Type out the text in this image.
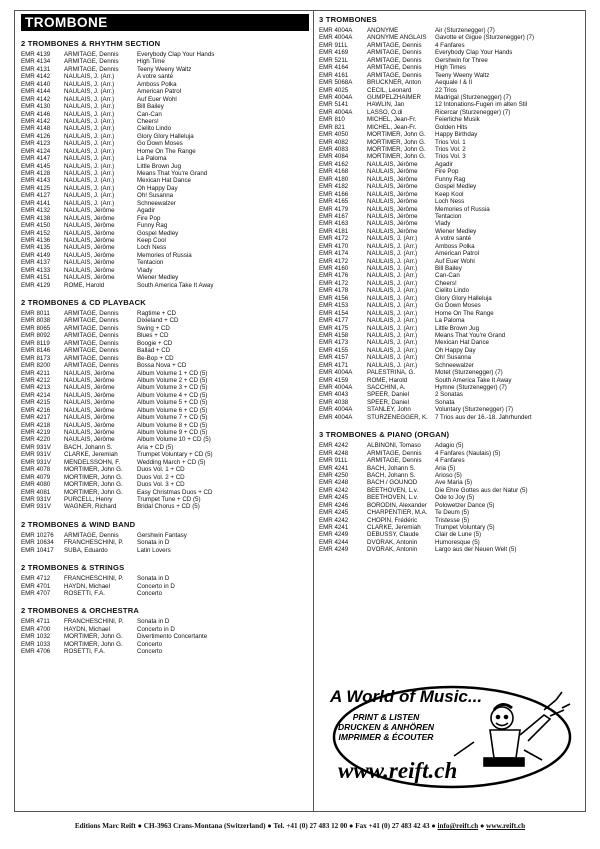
TROMBONE
2 TROMBONES & RHYTHM SECTION
EMR 4139	ARMITAGE, Dennis	Everybody Clap Your Hands
EMR 4134	ARMITAGE, Dennis	High Time
EMR 4131	ARMITAGE, Dennis	Teeny Weeny Waltz
EMR 4142	NAULAIS, J. (Arr.)	A votre santé
EMR 4140	NAULAIS, J. (Arr.)	Amboss Polka
EMR 4144	NAULAIS, J. (Arr.)	American Patrol
EMR 4142	NAULAIS, J. (Arr.)	Auf Euer Wohl
EMR 4130	NAULAIS, J. (Arr.)	Bill Bailey
EMR 4146	NAULAIS, J. (Arr.)	Can-Can
EMR 4142	NAULAIS, J. (Arr.)	Cheers!
EMR 4148	NAULAIS, J. (Arr.)	Cielito Lindo
EMR 4126	NAULAIS, J. (Arr.)	Glory Glory Halleluja
EMR 4123	NAULAIS, J. (Arr.)	Go Down Moses
EMR 4124	NAULAIS, J. (Arr.)	Home On The Range
EMR 4147	NAULAIS, J. (Arr.)	La Paloma
EMR 4145	NAULAIS, J. (Arr.)	Little Brown Jug
EMR 4128	NAULAIS, J. (Arr.)	Means That You're Grand
EMR 4143	NAULAIS, J. (Arr.)	Mexican Hat Dance
EMR 4125	NAULAIS, J. (Arr.)	Oh Happy Day
EMR 4127	NAULAIS, J. (Arr.)	Oh! Susanna
EMR 4141	NAULAIS, J. (Arr.)	Schneewalzer
EMR 4132	NAULAIS, Jérôme	Agadir
EMR 4138	NAULAIS, Jérôme	Fire Pop
EMR 4150	NAULAIS, Jérôme	Funny Rag
EMR 4152	NAULAIS, Jérôme	Gospel Medley
EMR 4136	NAULAIS, Jérôme	Keep Cool
EMR 4135	NAULAIS, Jérôme	Loch Ness
EMR 4149	NAULAIS, Jérôme	Memories of Russia
EMR 4137	NAULAIS, Jérôme	Tentacion
EMR 4133	NAULAIS, Jérôme	Vlady
EMR 4151	NAULAIS, Jérôme	Wiener Medley
EMR 4129	ROME, Harold	South America Take It Away
2 TROMBONES & CD PLAYBACK
EMR 8011	ARMITAGE, Dennis	Ragtime + CD
EMR 8038	ARMITAGE, Dennis	Dixieland + CD
EMR 8065	ARMITAGE, Dennis	Swing + CD
EMR 8092	ARMITAGE, Dennis	Blues + CD
EMR 8119	ARMITAGE, Dennis	Boogie + CD
EMR 8146	ARMITAGE, Dennis	Ballad + CD
EMR 8173	ARMITAGE, Dennis	Be-Bop + CD
EMR 8200	ARMITAGE, Dennis	Bossa Nova + CD
EMR 4211	NAULAIS, Jérôme	Album Volume 1 + CD (5)
EMR 4212	NAULAIS, Jérôme	Album Volume 2 + CD (5)
EMR 4213	NAULAIS, Jérôme	Album Volume 3 + CD (5)
EMR 4214	NAULAIS, Jérôme	Album Volume 4 + CD (5)
EMR 4215	NAULAIS, Jérôme	Album Volume 5 + CD (5)
EMR 4216	NAULAIS, Jérôme	Album Volume 6 + CD (5)
EMR 4217	NAULAIS, Jérôme	Album Volume 7 + CD (5)
EMR 4218	NAULAIS, Jérôme	Album Volume 8 + CD (5)
EMR 4219	NAULAIS, Jérôme	Album Volume 9 + CD (5)
EMR 4220	NAULAIS, Jérôme	Album Volume 10 + CD (5)
EMR 931V	BACH, Johann S.	Aria + CD (5)
EMR 931V	CLARKE, Jeremiah	Trumpet Voluntary + CD (5)
EMR 931V	MENDELSSOHN, F.	Wedding March + CD (5)
EMR 4078	MORTIMER, John G.	Duos Vol. 1 + CD
EMR 4079	MORTIMER, John G.	Duos Vol. 2 + CD
EMR 4080	MORTIMER, John G.	Duos Vol. 3 + CD
EMR 4081	MORTIMER, John G.	Easy Christmas Duos + CD
EMR 931V	PURCELL, Henry	Trumpet Tune + CD (5)
EMR 931V	WAGNER, Richard	Bridal Chorus + CD (5)
2 TROMBONES & WIND BAND
EMR 10276	ARMITAGE, Dennis	Gershwin Fantasy
EMR 10634	FRANCHESCHINI, P.	Sonata in D
EMR 10417	SUBA, Eduardo	Latin Lovers
2 TROMBONES & STRINGS
EMR 4712	FRANCHESCHINI, P.	Sonata in D
EMR 4701	HAYDN, Michael	Concerto in D
EMR 4707	ROSETTI, F.A.	Concerto
2 TROMBONES & ORCHESTRA
EMR 4711	FRANCHESCHINI, P.	Sonata in D
EMR 4700	HAYDN, Michael	Concerto in D
EMR 1032	MORTIMER, John G.	Divertimento Concertante
EMR 1033	MORTIMER, John G.	Concerto
EMR 4706	ROSETTI, F.A.	Concerto
3 TROMBONES
EMR 4004A	ANONYME	Air (Sturzenegger) (7)
EMR 4004A	ANONYME ANGLAIS	Gavotte et Gigue (Sturzenegger) (7)
EMR 911L	ARMITAGE, Dennis	4 Fanfares
EMR 4169	ARMITAGE, Dennis	Everybody Clap Your Hands
EMR 521L	ARMITAGE, Dennis	Gershwin for Three
EMR 4164	ARMITAGE, Dennis	High Times
EMR 4161	ARMITAGE, Dennis	Teeny Weeny Waltz
EMR 5068A	BRUCKNER, Anton	Aequale I & II
EMR 4025	CECIL, Leonard	22 Trios
EMR 4004A	GUMPELZHAIMER	Madrigal (Sturzenegger) (7)
EMR 5141	HAWLIN, Jan	12 Intonations-Fugen im alten Stil
EMR 4004A	LASSO, O.di	Ricercar (Sturzenegger) (7)
EMR 810	MICHEL, Jean-Fr.	Feierliche Musik
EMR 821	MICHEL, Jean-Fr.	Golden Hits
EMR 4050	MORTIMER, John G.	Happy Birthday
EMR 4082	MORTIMER, John G.	Trios Vol. 1
EMR 4083	MORTIMER, John G.	Trios Vol. 2
EMR 4084	MORTIMER, John G.	Trios Vol. 3
EMR 4162	NAULAIS, Jérôme	Agadir
EMR 4168	NAULAIS, Jérôme	Fire Pop
EMR 4180	NAULAIS, Jérôme	Funny Rag
EMR 4182	NAULAIS, Jérôme	Gospel Medley
EMR 4166	NAULAIS, Jérôme	Keep Kool
EMR 4165	NAULAIS, Jérôme	Loch Ness
EMR 4179	NAULAIS, Jérôme	Memories of Russia
EMR 4167	NAULAIS, Jérôme	Tentacion
EMR 4163	NAULAIS, Jérôme	Vlady
EMR 4181	NAULAIS, Jérôme	Wiener Medley
EMR 4172	NAULAIS, J. (Arr.)	A votre santé
EMR 4170	NAULAIS, J. (Arr.)	Amboss Polka
EMR 4174	NAULAIS, J. (Arr.)	American Patrol
EMR 4172	NAULAIS, J. (Arr.)	Auf Euer Wohl
EMR 4160	NAULAIS, J. (Arr.)	Bill Bailey
EMR 4176	NAULAIS, J. (Arr.)	Can-Can
EMR 4172	NAULAIS, J. (Arr.)	Cheers!
EMR 4178	NAULAIS, J. (Arr.)	Cielito Lindo
EMR 4156	NAULAIS, J. (Arr.)	Glory Glory Halleluja
EMR 4153	NAULAIS, J. (Arr.)	Go Down Moses
EMR 4154	NAULAIS, J. (Arr.)	Home On The Range
EMR 4177	NAULAIS, J. (Arr.)	La Paloma
EMR 4175	NAULAIS, J. (Arr.)	Little Brown Jug
EMR 4158	NAULAIS, J. (Arr.)	Means That You're Grand
EMR 4173	NAULAIS, J. (Arr.)	Mexican Hat Dance
EMR 4155	NAULAIS, J. (Arr.)	Oh Happy Day
EMR 4157	NAULAIS, J. (Arr.)	Oh! Susanna
EMR 4171	NAULAIS, J. (Arr.)	Schneewalzer
EMR 4004A	PALESTRINA, G.	Motet (Sturzenegger) (7)
EMR 4159	ROME, Harold	South America Take It Away
EMR 4004A	SACCHINI, A.	Hymne (Sturzenegger) (7)
EMR 4043	SPEER, Daniel	2 Sonatas
EMR 4038	SPEER, Daniel	Sonata
EMR 4004A	STANLEY, John	Voluntary (Sturzenegger) (7)
EMR 4004A	STURZENEGGER, K.	7 Trios aus der 16.-18. Jahrhundert
3 TROMBONES & PIANO (ORGAN)
EMR 4242	ALBINONI, Tomaso	Adagio (5)
EMR 4248	ARMITAGE, Dennis	4 Fanfares (Naulais) (5)
EMR 911L	ARMITAGE, Dennis	4 Fanfares
EMR 4241	BACH, Johann S.	Aria (5)
EMR 4250	BACH, Johann S.	Arioso (5)
EMR 4248	BACH / GOUNOD	Ave Maria (5)
EMR 4242	BEETHOVEN, L.v.	Die Ehre Gottes aus der Natur (5)
EMR 4245	BEETHOVEN, L.v.	Ode to Joy (5)
EMR 4246	BORODIN, Alexander	Polowetzer Dance (5)
EMR 4245	CHARPENTIER, M.A.	Te Deum (5)
EMR 4242	CHOPIN, Frédéric	Tristesse (5)
EMR 4241	CLARKE, Jeremiah	Trumpet Voluntary (5)
EMR 4249	DEBUSSY, Claude	Clair de Lune (5)
EMR 4244	DVORAK, Antonin	Humoresque (5)
EMR 4249	DVORAK, Antonin	Largo aus der Neuen Welt (5)
A World of Music...
PRINT & LISTEN
DRUCKEN & ANHÖREN
IMPRIMER & ÉCOUTER
www.reift.ch
Editions Marc Reift ● CH-3963 Crans-Montana (Switzerland) ● Tel. +41 (0) 27 483 12 00 ● Fax +41 (0) 27 483 42 43 ● info@reift.ch ● www.reift.ch
